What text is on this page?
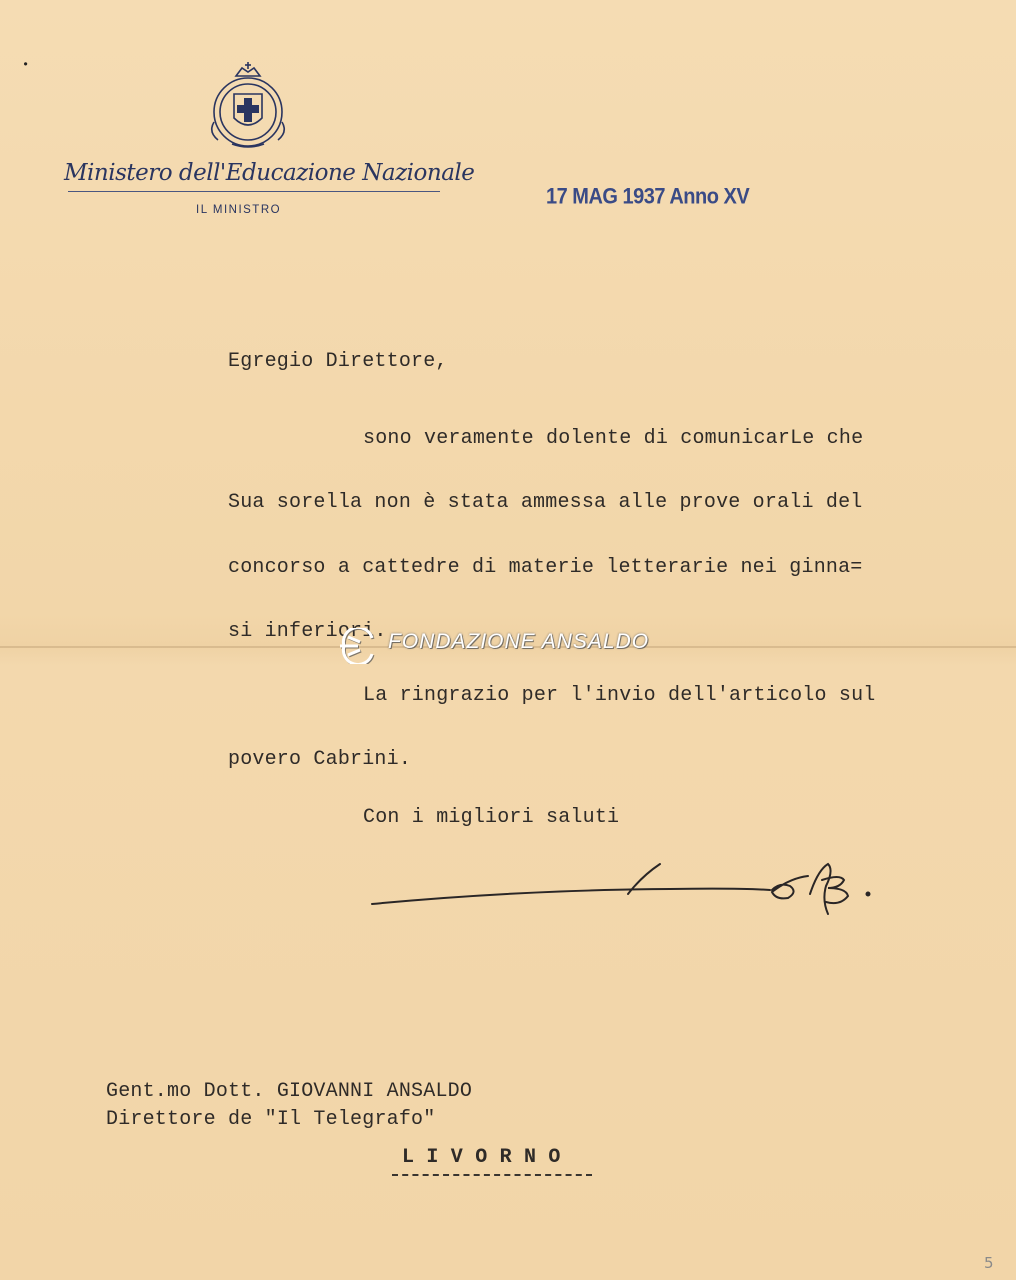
•
Ministero dell'Educazione Nazionale
IL MINISTRO
17 MAG 1937 Anno XV
Egregio Direttore,
sono veramente dolente di comunicarLe che
Sua sorella non è stata ammessa alle prove orali del
concorso a cattedre di materie letterarie nei ginna=
si inferiori.
La ringrazio per l'invio dell'articolo sul
povero Cabrini.
Con i migliori saluti
FONDAZIONE ANSALDO
Gent.mo Dott. GIOVANNI ANSALDO
Direttore de "Il Telegrafo"
L I V O R N O
5
